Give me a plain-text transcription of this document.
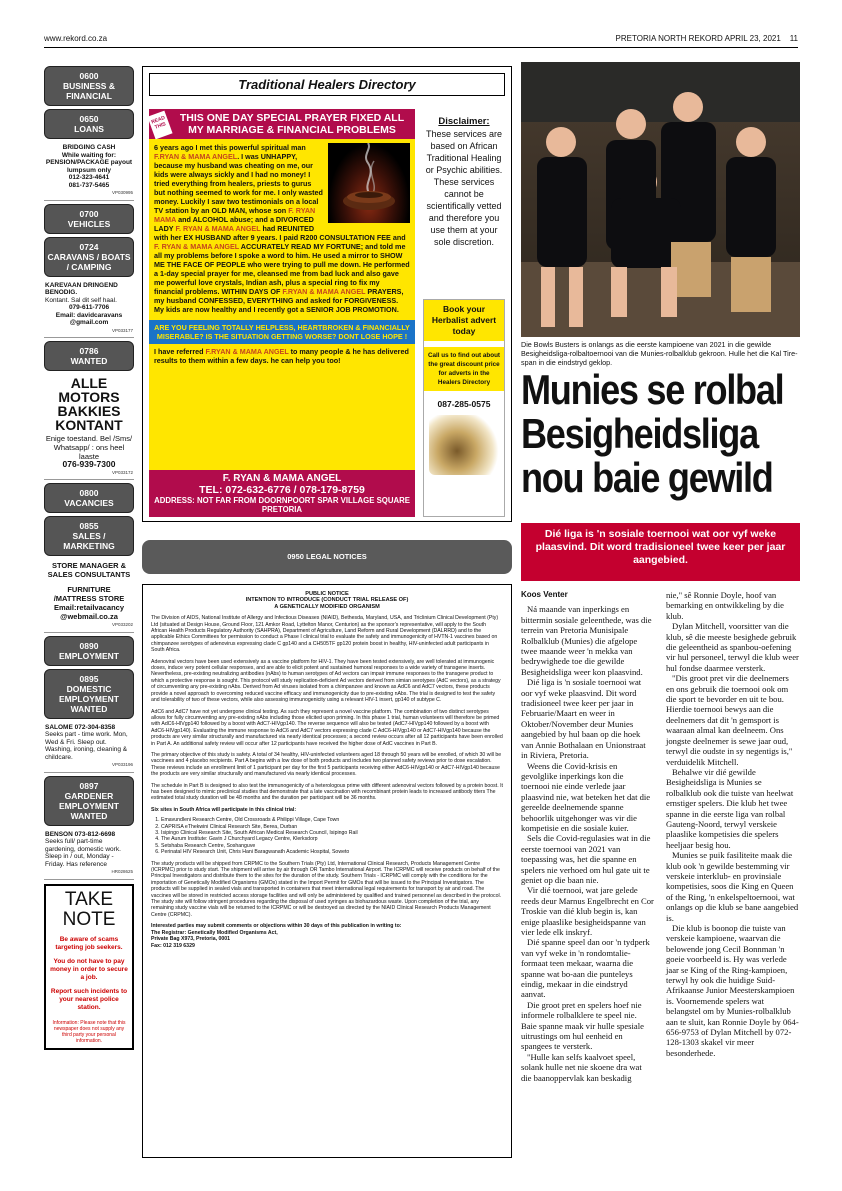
www.rekord.co.za	PRETORIA NORTH REKORD APRIL 23, 2021 11
0600
BUSINESS &
FINANCIAL
0650
LOANS
BRIDGING CASH
While waiting for: PENSION/PACKAGE payout lumpsum only
012-323-4641
081-737-5465
VP030995
0700
VEHICLES
0724
CARAVANS / BOATS / CAMPING
KAREVAAN DRINGEND BENODIG.
Kontant. Sal dit self haal.
079-611-7706
Email: davidcaravans @gmail.com
VP033177
0786
WANTED
ALLE MOTORS BAKKIES KONTANT
Enige toestand. Bel /Sms/ Whatsapp/ : ons heel laaste
076-939-7300
VP033172
0800
VACANCIES
0855
SALES / MARKETING
STORE MANAGER & SALES CONSULTANTS
FURNITURE /MATTRESS STORE
Email:retailvacancy @webmail.co.za
VP033202
0890
EMPLOYMENT
0895
DOMESTIC
EMPLOYMENT
WANTED
SALOME 072-304-8358
Seeks part - time work. Mon, Wed & Fri. Sleep out. Washing, ironing, cleaning & childcare.
VP033196
0897
GARDENER
EMPLOYMENT
WANTED
BENSON 073-812-6698
Seeks full/ part-time gardening, domestic work. Sleep in / out, Monday - Friday. Has reference
HR028625
TAKE NOTE

Be aware of scams targeting job seekers.

You do not have to pay money in order to secure a job.

Report such incidents to your nearest police station.

Information: Please note that this newspaper does not supply any third party your personal information.
Traditional Healers Directory
READ THIS
THIS ONE DAY SPECIAL PRAYER FIXED ALL MY MARRIAGE & FINANCIAL PROBLEMS
6 years ago I met this powerful spiritual man F.RYAN & MAMA ANGEL. I was UNHAPPY, because my husband was cheating on me, our kids were always sickly and I had no money! I tried everything from healers, priests to gurus but nothing seemed to work for me. I only wasted money. Luckily I saw two testimonials on a local TV station by an OLD MAN, whose son F. RYAN MAMA and ALCOHOL abuse; and a DIVORCED LADY F. RYAN & MAMA ANGEL had REUNITED with her EX HUSBAND after 9 years. I paid R200 CONSULTATION FEE and F. RYAN & MAMA ANGEL ACCURATELY READ MY FORTUNE; and told me all my problems before I spoke a word to him. He used a mirror to SHOW ME THE FACE OF PEOPLE who were trying to pull me down. He performed a 1-day special prayer for me, cleansed me from bad luck and also gave me powerful love crystals, Indian ash, plus a special ring to fix my financial problems. WITHIN DAYS OF F.RYAN & MAMA ANGEL PRAYERS, my husband CONFESSED, EVERYTHING and asked for FORGIVENESS. My kids are now healthy and I recently got a SENIOR JOB PROMOTION.
ARE YOU FEELING TOTALLY HELPLESS, HEARTBROKEN & FINANCIALLY MISERABLE? IS THE SITUATION GETTING WORSE? DONT LOSE HOPE !
I have referred F.RYAN & MAMA ANGEL to many people & he has delivered results to them within a few days. he can help you too!
F. RYAN & MAMA ANGEL
TEL: 072-632-6776 / 078-179-8759
ADDRESS: NOT FAR FROM DOORNPOORT SPAR VILLAGE SQUARE PRETORIA
Disclaimer:
These services are based on African Traditional Healing or Psychic abilities. These services cannot be scientifically vetted and therefore you use them at your sole discretion.
Book your Herbalist advert today
Call us to find out about the great discount price for adverts in the Healers Directory
087-285-0575
0950 LEGAL NOTICES
PUBLIC NOTICE
INTENTION TO INTRODUCE (CONDUCT TRIAL RELEASE OF)
A GENETICALLY MODIFIED ORGANISM

The Division of AIDS, National Institute of Allergy and Infectious Diseases (NIAID), Bethesda, Maryland, USA, and Triclinium Clinical Development (Pty) Ltd (situated at Design House, Ground Floor, 121 Amkor Road, Lyttelton Manor, Centurion) as the sponsor's representative, will apply to the South African Health Products Regulatory Authority (SAHPRA), Department of Agriculture, Land Reform and Rural Development (DALRRD) and to the applicable Ethics Committees for permission to conduct a Phase I clinical trial to evaluate the safety and immunogenicity of HVTN-1 vaccines based on chimpanzee serotypes of adenovirus expressing clade C gp140 and a CH505TF gp120 protein boost in healthy, HIV-uninfected adult participants in South Africa.

Adenoviral vectors have been used extensively as a vaccine platform for HIV-1. They have been tested extensively, are well tolerated at immunogenic doses, induce very potent cellular responses, and are able to elicit potent and sustained humoral responses to a wide variety of transgene inserts. Nevertheless, pre-existing neutralizing antibodies (nAbs) to human serotypes of Ad vectors can impair immune responses to the transgene product to which a protective response is sought. This protocol will study replication-deficient Ad vectors derived from simian serotypes (AdC vectors), as a strategy of circumventing any pre-existing nAbs. Derived from Ad viruses isolated from a chimpanzee and known as AdC6 and AdC7 vectors, these products provide a novel approach to overcoming reduced vaccine efficacy and immunogenicity due to pre-existing nAbs. The trial is designed to test the safety and tolerability of two of these vectors, while also assessing immunogenicity using a relevant HIV-1 insert, gp140 of subtype C.

AdC6 and AdC7 have not yet undergone clinical testing. As such they represent a novel vaccine platform. The combination of two distinct serotypes allows for fully circumventing any pre-existing nAbs including those elicited upon priming. In this phase 1 trial, human volunteers will therefore be primed with AdC6-HIVgp140 followed by a boost with AdC7-HIVgp140. The reverse sequence will also be tested (AdC7-HIVgp140 followed by a boost with AdC6-HIVgp140). Evaluating the immune response to AdC6 and AdC7 vectors expressing clade C AdC6-HIVgp140 or AdC7-HIVgp140 because the products are very similar structurally and manufactured via nearly identical processes; a second review occurs after all 12 participants have been enrolled in Part A. An additional safety review will occur after 12 participants have received the higher dose of AdC vaccines in Part B.

The primary objective of this study is safety. A total of 34 healthy, HIV-uninfected volunteers aged 18 through 50 years will be enrolled, of which 30 will be vaccinees and 4 placebo recipients. Part A begins with a low dose of both products and includes two planned safety reviews prior to dose escalation. These reviews include an enrollment limit of 1 participant per day for the first 5 participants receiving either AdC6-HIVgp140 or AdC7-HIVgp140 because the products are very similar structurally and manufactured via nearly identical processes.

The schedule in Part B is designed to also test the immunogenicity of a heterologous prime with different adenoviral vectors followed by a protein boost. It has been designed to mimic preclinical studies that demonstrate that a late vaccination with recombinant protein leads to increased antibody titers The estimated total study duration will be 48 months and the duration per participant will be 36 months.

Six sites in South Africa will participate in this clinical trial:

1. Emavundleni Research Centre, Old Crossroads & Philippi Village, Cape Town
2. CAPRISA eThekwini Clinical Research Site, Berea, Durban
3. Isipingo Clinical Research Site, South African Medical Research Council, Isipingo Rail
4. The Aurum Institute: Gavin J Churchyard Legacy Centre, Klerksdorp
5. Setshaba Research Centre, Soshanguve
6. Perinatal HIV Research Unit, Chris Hani Baragwanath Academic Hospital, Soweto

The study products will be shipped from CRPMC to the Southern Trials (Pty) Ltd, International Clinical Research, Products Management Centre (ICRPMC) prior to study start. The shipment will arrive by air through OR Tambo International Airport. The ICRPMC will receive products on behalf of the Principal Investigators and distribute them to the sites for the duration of the study. Southern Trials - ICRPMC will comply with the conditions for the importation of Genetically Modified Organisms (GMOs) stated in the Import Permit for GMOs that will be issued to the Principal Investigators. The products will be supplied in sealed vials and transported in containers that meet international legal requirements for transport by air and road. The vaccines will be stored in restricted access storage facilities and will only be administered by qualified and trained personnel as described in the protocol. The study site will follow stringent procedures regarding the disposal of used syringes as biohazardous waste. Upon completion of the trial, any remaining study vaccine vials will be returned to the ICRPMC or will be destroyed as directed by the NIAID Clinical Research Products Management Centre (CRPMC).

Interested parties may submit comments or objections within 30 days of this publication in writing to:

The Registrar: Genetically Modified Organisms Act,
Private Bag X973, Pretoria, 0001
Fax: 012 319 6329
Die Bowls Busters is onlangs as die eerste kampioene van 2021 in die gewilde Besigheidsliga-rolbaltoernooi van die Munies-rolbalklub gekroon. Hulle het die Kal Tire-span in die eindstryd geklop.
Munies se rolbal
Besigheidsliga
nou baie gewild
Dié liga is 'n sosiale toernooi wat oor vyf weke plaasvind. Dit word tradisioneel twee keer per jaar aangebied.
Koos Venter

Ná maande van inperkings en bittermin sosiale geleenthede, was die terrein van Pretoria Munisipale Rolbalklub (Munies) die afgelope twee maande weer 'n mekka van bedrywighede toe die gewilde Besigheidsliga weer kon plaasvind.

Dié liga is 'n sosiale toernooi wat oor vyf weke plaasvind. Dit word tradisioneel twee keer per jaar in Februarie/Maart en weer in Oktober/November deur Munies aangebied by hul baan op die hoek van Annie Bothalaan en Unionstraat in Riviera, Pretoria.

Weens die Covid-krisis en gevolglike inperkings kon die toernooi nie einde verlede jaar plaasvind nie, wat beteken het dat die gereelde deelnemende spanne behoorlik uitgehonger was vir die kompetisie en die sosiale kuier.

Sels die Covid-regulasies wat in die eerste toernooi van 2021 van toepassing was, het die spanne en spelers nie verhoed om hul gate uit te geniet op die baan nie.

Vir dié toernooi, wat jare gelede reeds deur Marnus Engelbrecht en Cor Troskie van dié klub begin is, kan enige plaaslike besigheidspanne van vier lede elk inskryf.

Dié spanne speel dan oor 'n tydperk van vyf weke in 'n rondomtalie-formaat teen mekaar, waarna die spanne wat bo-aan die punteleys eindig, mekaar in die eindstryd aanvat.

Die groot pret en spelers hoef nie informele rolbalklere te speel nie. Baie spanne maak vir hulle spesiale uitrustings om hul eenheid en spangees te versterk.

"Hulle kan selfs kaalvoet speel, solank hulle net nie skoene dra wat die baanoppervlak kan beskadig

nie," sê Ronnie Doyle, hoof van bemarking en ontwikkeling by die klub.

Dylan Mitchell, voorsitter van die klub, sê die meeste besighede gebruik die geleentheid as spanbou-oefening vir hul personeel, terwyl die klub weer hul fondse daarmee versterk.

"Dis groot pret vir die deelnemers en ons gebruik die toernooi ook om die sport te bevorder en uit te bou. Hierdie toernooi bewys aan die deelnemers dat dit 'n gemsport is waaraan almal kan deelneem. Ons jongste deelnemer is sewe jaar oud, terwyl die oudste in sy negentigs is," verduidelik Mitchell.

Behalwe vir dié gewilde Besigheidsliga is Munies se rolbalklub ook die tuiste van heelwat ernstiger spelers. Die klub het twee spanne in die eerste liga van rolbal Gauteng-Noord, terwyl verskeie plaaslike kompetisies die spelers heeljaar besig hou.

Munies se puik fasiliteite maak die klub ook 'n gewilde bestemming vir verskeie interklub- en provinsiale kompetisies, soos die King en Queen of the Ring, 'n enkelspeltoernooi, wat onlangs op die klub se bane aangebied is.

Die klub is boonop die tuiste van verskeie kampioene, waarvan die belowende jong Cecil Bonnman 'n goeie voorbeeld is. Hy was verlede jaar se King of the Ring-kampioen, terwyl hy ook die huidige Suid-Afrikaanse Junior Meesterskampioen is. Voornemende spelers wat belangstel om by Munies-rolbalklub aan te sluit, kan Ronnie Doyle by 064-656-9753 of Dylan Mitchell by 072-128-1303 skakel vir meer besonderhede.
